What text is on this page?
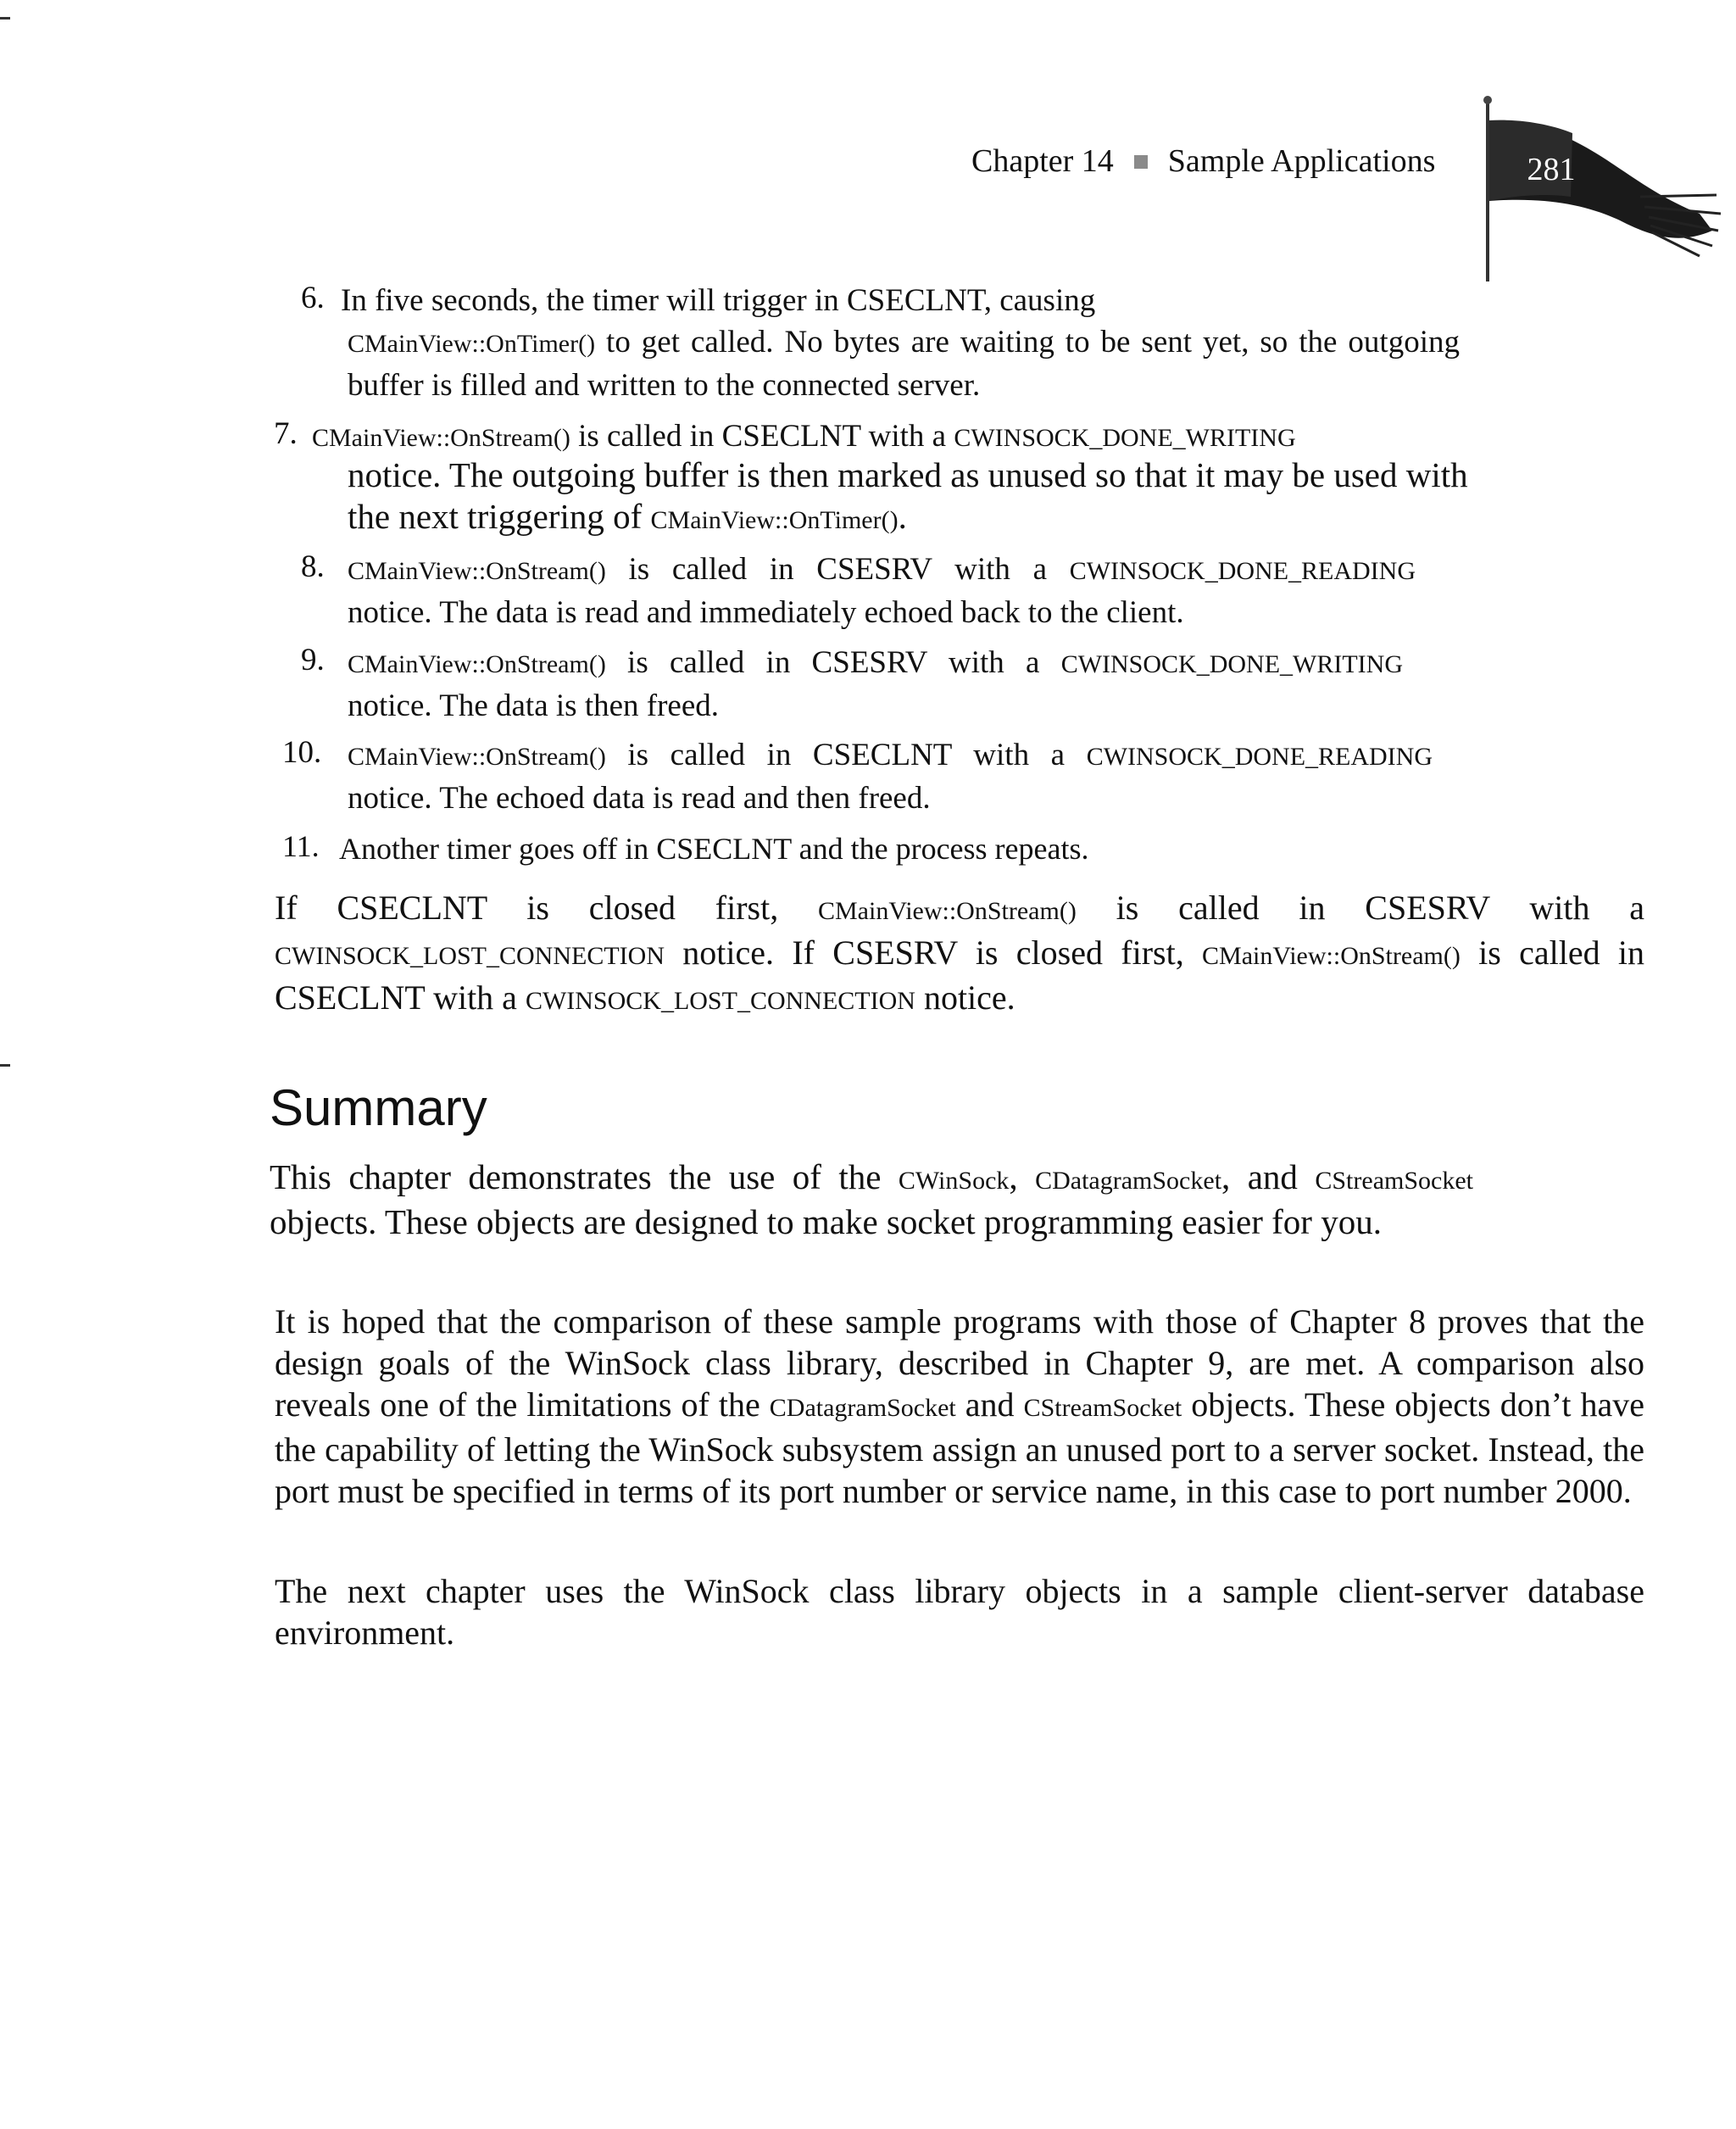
Chapter 14 Sample Applications	281
6. In five seconds, the timer will trigger in CSECLNT, causing
CMainView::OnTimer() to get called. No bytes are waiting to be sent yet, so the outgoing buffer is filled and written to the connected server.
7. CMainView::OnStream() is called in CSECLNT with a CWINSOCK_DONE_WRITING
notice. The outgoing buffer is then marked as unused so that it may be used with the next triggering of CMainView::OnTimer().
8. CMainView::OnStream() is called in CSESRV with a CWINSOCK_DONE_READING
notice. The data is read and immediately echoed back to the client.
9. CMainView::OnStream() is called in CSESRV with a CWINSOCK_DONE_WRITING
notice. The data is then freed.
10. CMainView::OnStream() is called in CSECLNT with a CWINSOCK_DONE_READING
notice. The echoed data is read and then freed.
11. Another timer goes off in CSECLNT and the process repeats.
If CSECLNT is closed first, CMainView::OnStream() is called in CSESRV with a CWINSOCK_LOST_CONNECTION notice. If CSESRV is closed first, CMainView::OnStream() is called in CSECLNT with a CWINSOCK_LOST_CONNECTION notice.
Summary
This chapter demonstrates the use of the CWinSock, CDatagramSocket, and CStreamSocket objects. These objects are designed to make socket programming easier for you.
It is hoped that the comparison of these sample programs with those of Chapter 8 proves that the design goals of the WinSock class library, described in Chapter 9, are met. A comparison also reveals one of the limitations of the CDatagramSocket and CStreamSocket objects. These objects don’t have the capability of letting the WinSock subsystem assign an unused port to a server socket. Instead, the port must be specified in terms of its port number or service name, in this case to port number 2000.
The next chapter uses the WinSock class library objects in a sample client-server database environment.
